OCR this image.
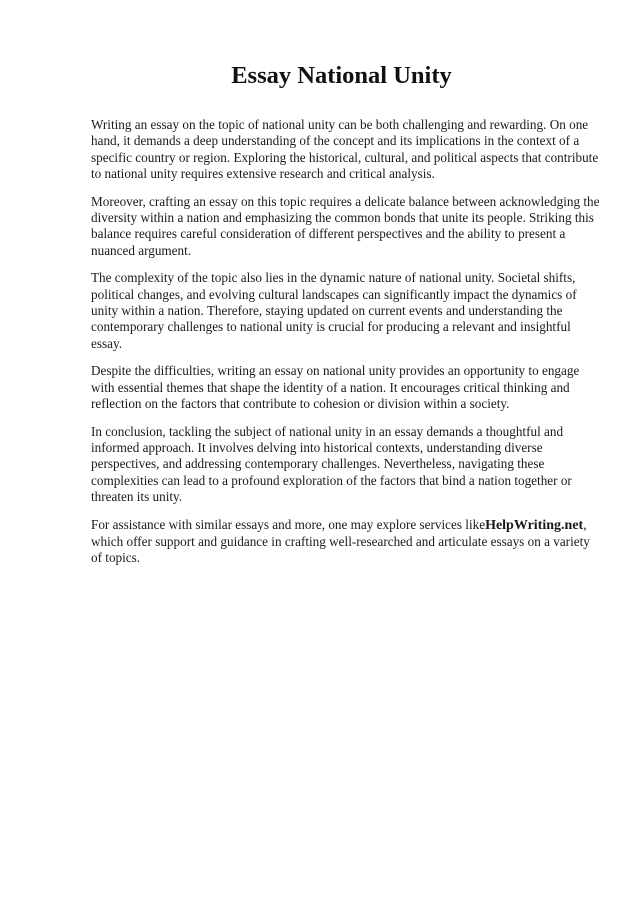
Essay National Unity

Writing an essay on the topic of national unity can be both challenging and rewarding. On one hand, it demands a deep understanding of the concept and its implications in the context of a specific country or region. Exploring the historical, cultural, and political aspects that contribute to national unity requires extensive research and critical analysis.

Moreover, crafting an essay on this topic requires a delicate balance between acknowledging the diversity within a nation and emphasizing the common bonds that unite its people. Striking this balance requires careful consideration of different perspectives and the ability to present a nuanced argument.

The complexity of the topic also lies in the dynamic nature of national unity. Societal shifts, political changes, and evolving cultural landscapes can significantly impact the dynamics of unity within a nation. Therefore, staying updated on current events and understanding the contemporary challenges to national unity is crucial for producing a relevant and insightful essay.

Despite the difficulties, writing an essay on national unity provides an opportunity to engage with essential themes that shape the identity of a nation. It encourages critical thinking and reflection on the factors that contribute to cohesion or division within a society.

In conclusion, tackling the subject of national unity in an essay demands a thoughtful and informed approach. It involves delving into historical contexts, understanding diverse perspectives, and addressing contemporary challenges. Nevertheless, navigating these complexities can lead to a profound exploration of the factors that bind a nation together or threaten its unity.

For assistance with similar essays and more, one may explore services likeHelpWriting.net, which offer support and guidance in crafting well-researched and articulate essays on a variety of topics.
